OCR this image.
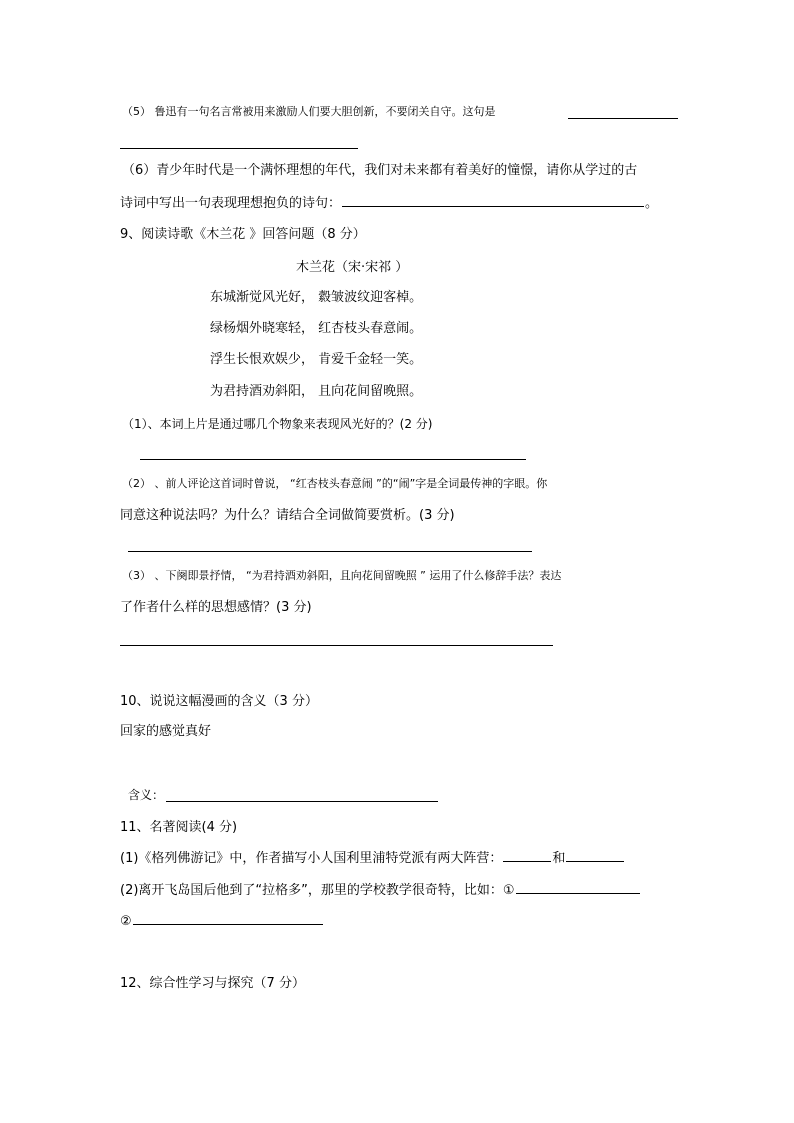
（5） 鲁迅有一句名言常被用来激励人们要大胆创新，不要闭关自守。这句是
（6）青少年时代是一个满怀理想的年代，我们对未来都有着美好的憧憬，请你从学过的古
诗词中写出一句表现理想抱负的诗句：	。
9、阅读诗歌《木兰花 》回答问题（8 分）
木兰花（宋·宋祁 ）
东城渐觉风光好， 縠皱波纹迎客棹。
绿杨烟外晓寒轻， 红杏枝头春意闹。
浮生长恨欢娱少， 肯爱千金轻一笑。
为君持酒劝斜阳， 且向花间留晚照。
（1）、本词上片是通过哪几个物象来表现风光好的？(2 分)
（2） 、前人评论这首词时曾说， “红杏枝头春意闹 ”的“闹”字是全词最传神的字眼。你
同意这种说法吗？为什么？请结合全词做简要赏析。(3 分)
（3） 、下阕即景抒情， “为君持酒劝斜阳，且向花间留晚照 ” 运用了什么修辞手法？表达
了作者什么样的思想感情？(3 分)
10、说说这幅漫画的含义（3 分）
回家的感觉真好
含义：
11、名著阅读(4 分)
(1)《格列佛游记》中，作者描写小人国利里浦特党派有两大阵营：	和
(2)离开飞岛国后他到了“拉格多”，那里的学校教学很奇特，比如：①
②
12、综合性学习与探究（7 分）
